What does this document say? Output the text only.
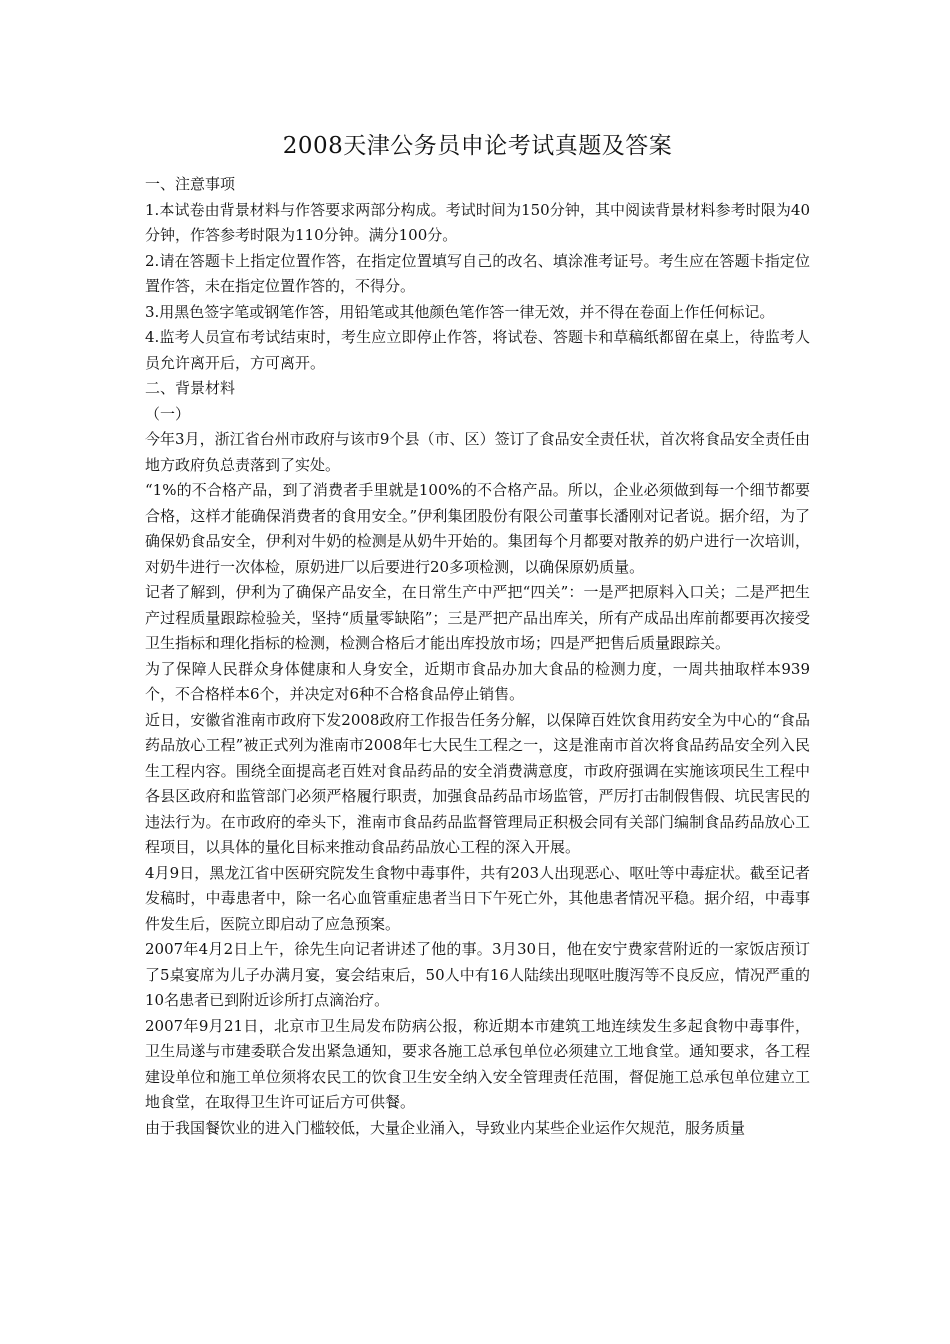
2008天津公务员申论考试真题及答案

一、注意事项

1.本试卷由背景材料与作答要求两部分构成。考试时间为150分钟，其中阅读背景材料参考时限为40分钟，作答参考时限为110分钟。满分100分。

2.请在答题卡上指定位置作答，在指定位置填写自己的改名、填涂准考证号。考生应在答题卡指定位置作答，未在指定位置作答的，不得分。

3.用黑色签字笔或钢笔作答，用铅笔或其他颜色笔作答一律无效，并不得在卷面上作任何标记。

4.监考人员宣布考试结束时，考生应立即停止作答，将试卷、答题卡和草稿纸都留在桌上，待监考人员允许离开后，方可离开。

二、背景材料

（一）

今年3月，浙江省台州市政府与该市9个县（市、区）签订了食品安全责任状，首次将食品安全责任由地方政府负总责落到了实处。

“1%的不合格产品，到了消费者手里就是100%的不合格产品。所以，企业必须做到每一个细节都要合格，这样才能确保消费者的食用安全。”伊利集团股份有限公司董事长潘刚对记者说。据介绍，为了确保奶食品安全，伊利对牛奶的检测是从奶牛开始的。集团每个月都要对散养的奶户进行一次培训，对奶牛进行一次体检，原奶进厂以后要进行20多项检测，以确保原奶质量。

记者了解到，伊利为了确保产品安全，在日常生产中严把“四关”：一是严把原料入口关；二是严把生产过程质量跟踪检验关，坚持“质量零缺陷”；三是严把产品出库关，所有产成品出库前都要再次接受卫生指标和理化指标的检测，检测合格后才能出库投放市场；四是严把售后质量跟踪关。

为了保障人民群众身体健康和人身安全，近期市食品办加大食品的检测力度，一周共抽取样本939个，不合格样本6个，并决定对6种不合格食品停止销售。

近日，安徽省淮南市政府下发2008政府工作报告任务分解，以保障百姓饮食用药安全为中心的“食品药品放心工程”被正式列为淮南市2008年七大民生工程之一，这是淮南市首次将食品药品安全列入民生工程内容。围绕全面提高老百姓对食品药品的安全消费满意度，市政府强调在实施该项民生工程中各县区政府和监管部门必须严格履行职责，加强食品药品市场监管，严厉打击制假售假、坑民害民的违法行为。在市政府的牵头下，淮南市食品药品监督管理局正积极会同有关部门编制食品药品放心工程项目，以具体的量化目标来推动食品药品放心工程的深入开展。

4月9日，黑龙江省中医研究院发生食物中毒事件，共有203人出现恶心、呕吐等中毒症状。截至记者发稿时，中毒患者中，除一名心血管重症患者当日下午死亡外，其他患者情况平稳。据介绍，中毒事件发生后，医院立即启动了应急预案。

2007年4月2日上午，徐先生向记者讲述了他的事。3月30日，他在安宁费家营附近的一家饭店预订了5桌宴席为儿子办满月宴，宴会结束后，50人中有16人陆续出现呕吐腹泻等不良反应，情况严重的10名患者已到附近诊所打点滴治疗。

2007年9月21日，北京市卫生局发布防病公报，称近期本市建筑工地连续发生多起食物中毒事件，卫生局遂与市建委联合发出紧急通知，要求各施工总承包单位必须建立工地食堂。通知要求，各工程建设单位和施工单位须将农民工的饮食卫生安全纳入安全管理责任范围，督促施工总承包单位建立工地食堂，在取得卫生许可证后方可供餐。

由于我国餐饮业的进入门槛较低，大量企业涌入，导致业内某些企业运作欠规范，服务质量
